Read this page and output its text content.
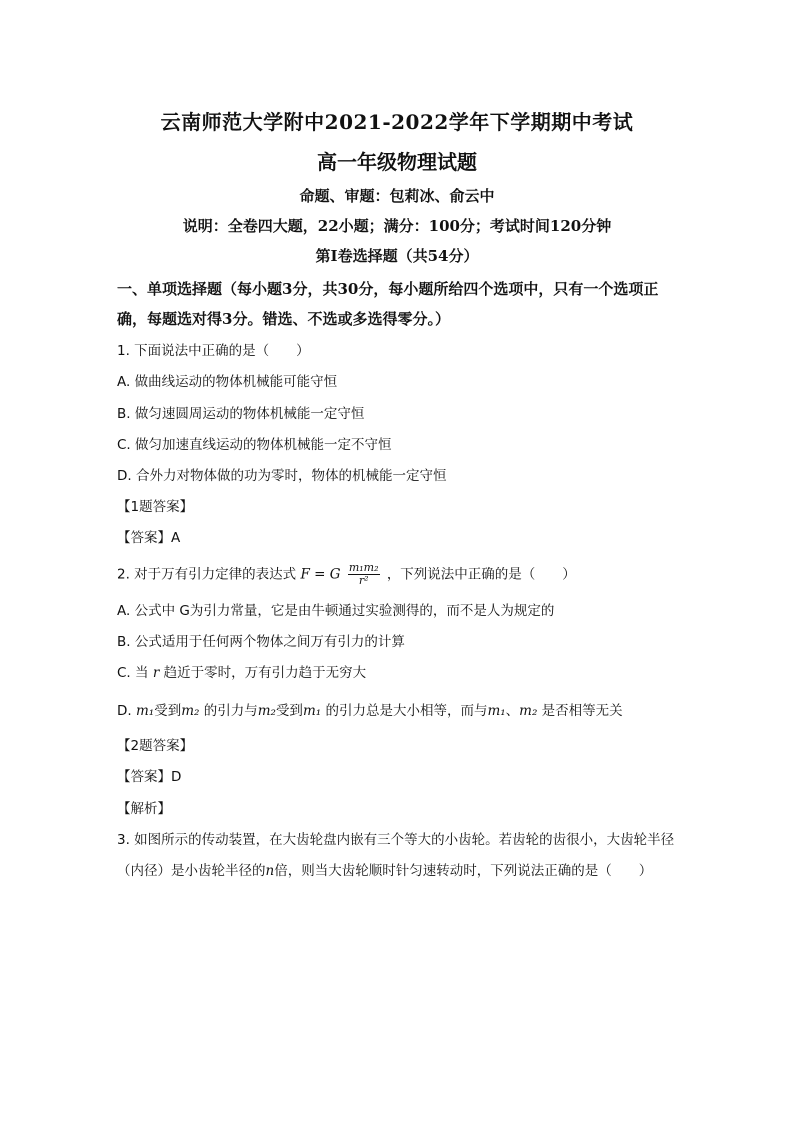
云南师范大学附中2021-2022学年下学期期中考试
高一年级物理试题
命题、审题：包莉冰、俞云中
说明：全卷四大题，22小题；满分：100分；考试时间120分钟
第Ⅰ卷选择题（共54分）
一、单项选择题（每小题3分，共30分，每小题所给四个选项中，只有一个选项正
确，每题选对得3分。错选、不选或多选得零分。）
1. 下面说法中正确的是（　　）
A. 做曲线运动的物体机械能可能守恒
B. 做匀速圆周运动的物体机械能一定守恒
C. 做匀加速直线运动的物体机械能一定不守恒
D. 合外力对物体做的功为零时，物体的机械能一定守恒
【1题答案】
【答案】A
2. 对于万有引力定律的表达式 F = G $\frac{\text{m₁m₂}}{\text{r²}}$ ，下列说法中正确的是（　　）
A. 公式中 G为引力常量，它是由牛顿通过实验测得的，而不是人为规定的
B. 公式适用于任何两个物体之间万有引力的计算
C. 当 r 趋近于零时，万有引力趋于无穷大
D. m₁受到m₂ 的引力与m₂受到m₁ 的引力总是大小相等，而与m₁、m₂ 是否相等无关
【2题答案】
【答案】D
【解析】
3. 如图所示的传动装置，在大齿轮盘内嵌有三个等大的小齿轮。若齿轮的齿很小，大齿轮半径
（内径）是小齿轮半径的n倍，则当大齿轮顺时针匀速转动时，下列说法正确的是（　　）
